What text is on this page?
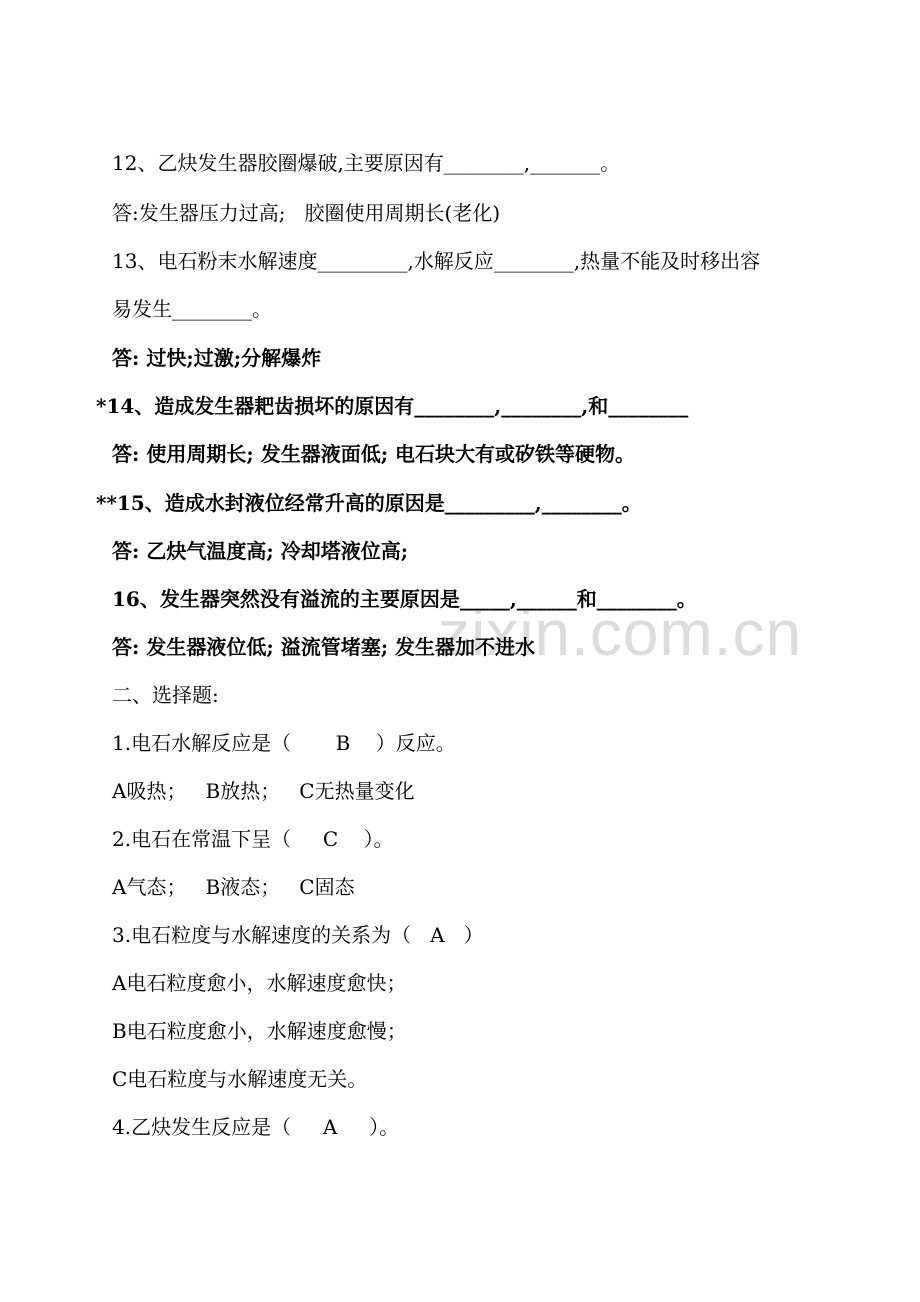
zixin.com.cn
12、乙炔发生器胶圈爆破,主要原因有________,_______。
答:发生器压力过高;   胶圈使用周期长(老化)
13、电石粉末水解速度_________,水解反应________,热量不能及时移出容
易发生________。
答: 过快;过激;分解爆炸
*14、造成发生器耙齿损坏的原因有________,________,和________
答: 使用周期长; 发生器液面低; 电石块大有或矽铁等硬物。
**15、造成水封液位经常升高的原因是_________,________。
答: 乙炔气温度高; 冷却塔液位高;
16、发生器突然没有溢流的主要原因是_____,______和________。
答: 发生器液位低; 溢流管堵塞; 发生器加不进水
二、选择题:
1.电石水解反应是（       B    ）反应。
A吸热；   B放热；   C无热量变化
2.电石在常温下呈（     C    ）。
A气态；   B液态；   C固态
3.电石粒度与水解速度的关系为（   A   ）
A电石粒度愈小，水解速度愈快；
B电石粒度愈小，水解速度愈慢；
C电石粒度与水解速度无关。
4.乙炔发生反应是（     A     ）。
